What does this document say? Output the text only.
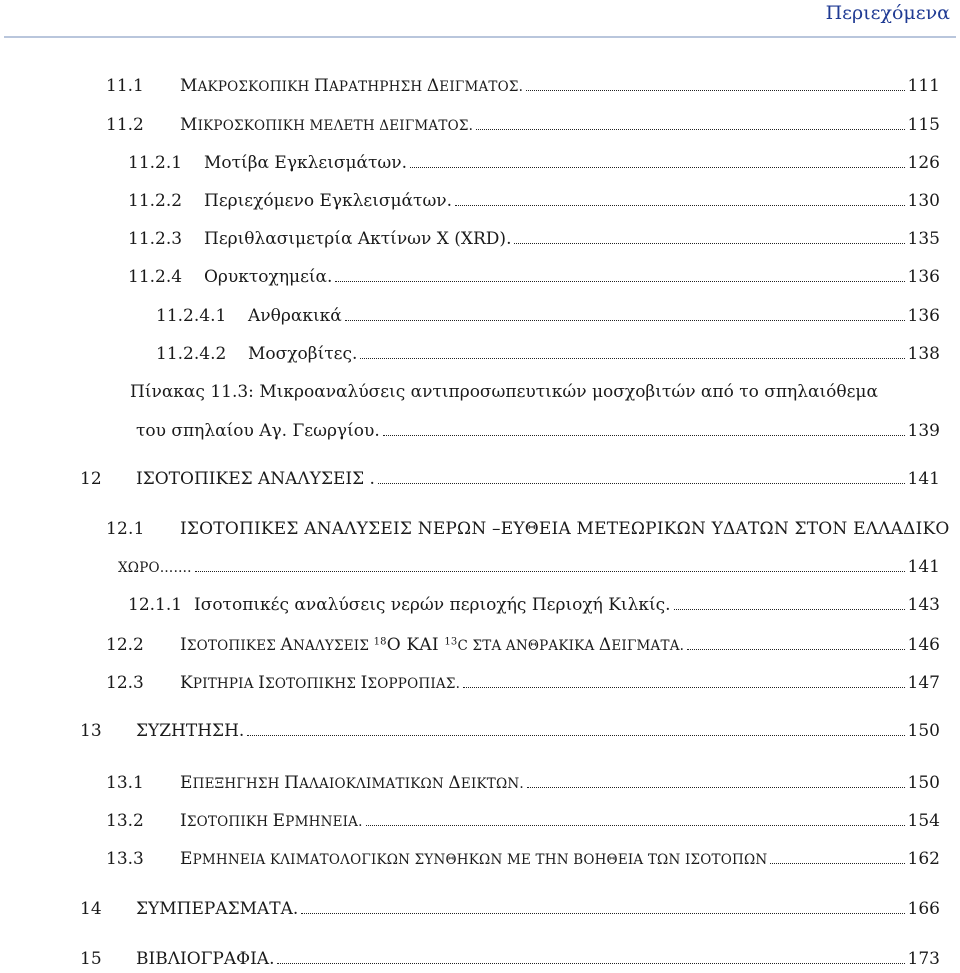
Περιεχόμενα
11.1	ΜΑΚΡΟΣΚΟΠΙΚΗ ΠΑΡΑΤΗΡΗΣΗ ΔΕΙΓΜΑΤΟΣ.	111
11.2	ΜΙΚΡΟΣΚΟΠΙΚΗ ΜΕΛΕΤΗ ΔΕΙΓΜΑΤΟΣ.	115
11.2.1	Μοτίβα Εγκλεισμάτων.	126
11.2.2	Περιεχόμενο Εγκλεισμάτων.	130
11.2.3	Περιθλασιμετρία Ακτίνων Χ (XRD).	135
11.2.4	Ορυκτοχημεία.	136
11.2.4.1	Ανθρακικά	136
11.2.4.2	Μοσχοβίτες.	138
Πίνακας 11.3: Μικροαναλύσεις αντιπροσωπευτικών μοσχοβιτών από το σπηλαιόθεμα
του σπηλαίου Αγ. Γεωργίου.	139
12	ΙΣΟΤΟΠΙΚΕΣ ΑΝΑΛΥΣΕΙΣ .	141
12.1 ΙΣΟΤΟΠΙΚΕΣ ΑΝΑΛΥΣΕΙΣ ΝΕΡΩΝ –ΕΥΘΕΙΑ ΜΕΤΕΩΡΙΚΩΝ ΥΔΑΤΩΝ ΣΤΟΝ ΕΛΛΑΔΙΚΟ
ΧΩΡΟ…….	141
12.1.1 Ισοτοπικές αναλύσεις νερών περιοχής Περιοχή Κιλκίς.	143
12.2	ΙΣΟΤΟΠΙΚΕΣ ΑΝΑΛΥΣΕΙΣ $^{18}$Ο ΚΑΙ $^{13}$C ΣΤΑ ΑΝΘΡΑΚΙΚΑ ΔΕΙΓΜΑΤΑ.	146
12.3	ΚΡΙΤΗΡΙΑ ΙΣΟΤΟΠΙΚΗΣ ΙΣΟΡΡΟΠΙΑΣ.	147
13	ΣΥΖΗΤΗΣΗ.	150
13.1	ΕΠΕΞΗΓΗΣΗ ΠΑΛΑΙΟΚΛΙΜΑΤΙΚΩΝ ΔΕΙΚΤΩΝ.	150
13.2	ΙΣΟΤΟΠΙΚΗ ΕΡΜΗΝΕΙΑ.	154
13.3	ΕΡΜΗΝΕΙΑ ΚΛΙΜΑΤΟΛΟΓΙΚΩΝ ΣΥΝΘΗΚΩΝ ΜΕ ΤΗΝ ΒΟΗΘΕΙΑ ΤΩΝ ΙΣΟΤΟΠΩΝ	162
14	ΣΥΜΠΕΡΑΣΜΑΤΑ.	166
15	ΒΙΒΛΙΟΓΡΑΦΙΑ.	173
